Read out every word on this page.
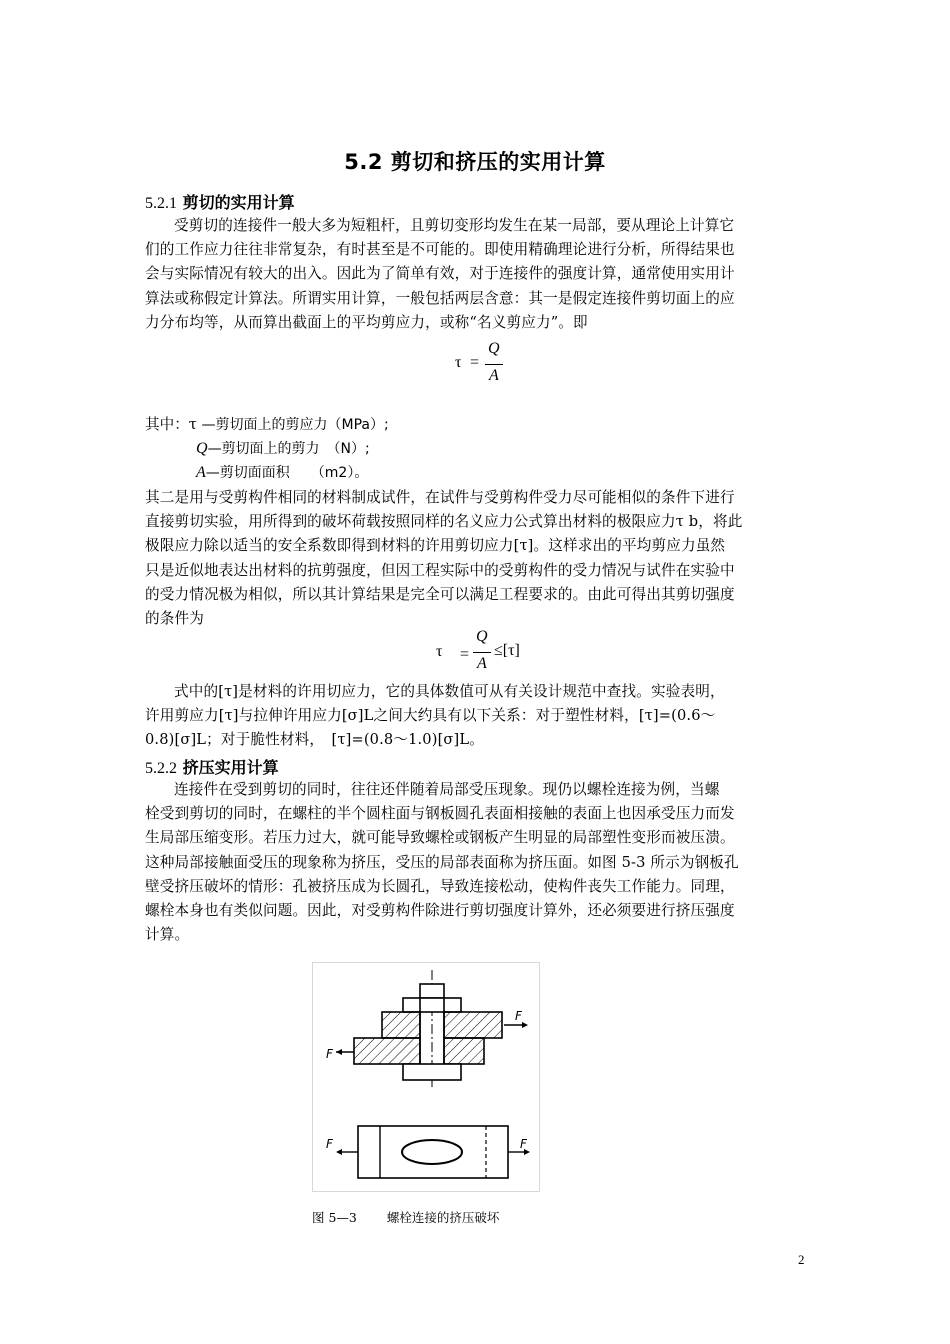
5.2 剪切和挤压的实用计算
5.2.1 剪切的实用计算
受剪切的连接件一般大多为短粗杆，且剪切变形均发生在某一局部，要从理论上计算它
们的工作应力往往非常复杂，有时甚至是不可能的。即使用精确理论进行分析，所得结果也
会与实际情况有较大的出入。因此为了简单有效，对于连接件的强度计算，通常使用实用计
算法或称假定计算法。所谓实用计算，一般包括两层含意：其一是假定连接件剪切面上的应
力分布均等，从而算出截面上的平均剪应力，或称“名义剪应力”。即
τ =
Q
A
其中：τ —剪切面上的剪应力（MPa）;
Q—剪切面上的剪力　（N）;
A—剪切面面积　　（m2）。
其二是用与受剪构件相同的材料制成试件，在试件与受剪构件受力尽可能相似的条件下进行
直接剪切实验，用所得到的破坏荷载按照同样的名义应力公式算出材料的极限应力τ b，将此
极限应力除以适当的安全系数即得到材料的许用剪切应力[τ]。这样求出的平均剪应力虽然
只是近似地表达出材料的抗剪强度，但因工程实际中的受剪构件的受力情况与试件在实验中
的受力情况极为相似，所以其计算结果是完全可以满足工程要求的。由此可得出其剪切强度
的条件为
τ =
Q
A
≤[τ]
式中的[τ]是材料的许用切应力，它的具体数值可从有关设计规范中查找。实验表明，
许用剪应力[τ]与拉伸许用应力[σ]L之间大约具有以下关系：对于塑性材料，[τ]=(0.6～
0.8)[σ]L；对于脆性材料，　[τ]=(0.8～1.0)[σ]L。
5.2.2 挤压实用计算
连接件在受到剪切的同时，往往还伴随着局部受压现象。现仍以螺栓连接为例，当螺
栓受到剪切的同时，在螺柱的半个圆柱面与钢板圆孔表面相接触的表面上也因承受压力而发
生局部压缩变形。若压力过大，就可能导致螺栓或钢板产生明显的局部塑性变形而被压溃。
这种局部接触面受压的现象称为挤压，受压的局部表面称为挤压面。如图 5-3 所示为钢板孔
壁受挤压破坏的情形：孔被挤压成为长圆孔，导致连接松动，使构件丧失工作能力。同理，
螺栓本身也有类似问题。因此，对受剪构件除进行剪切强度计算外，还必须要进行挤压强度
计算。
F
F
F	F
图 5—3 螺栓连接的挤压破坏
2
